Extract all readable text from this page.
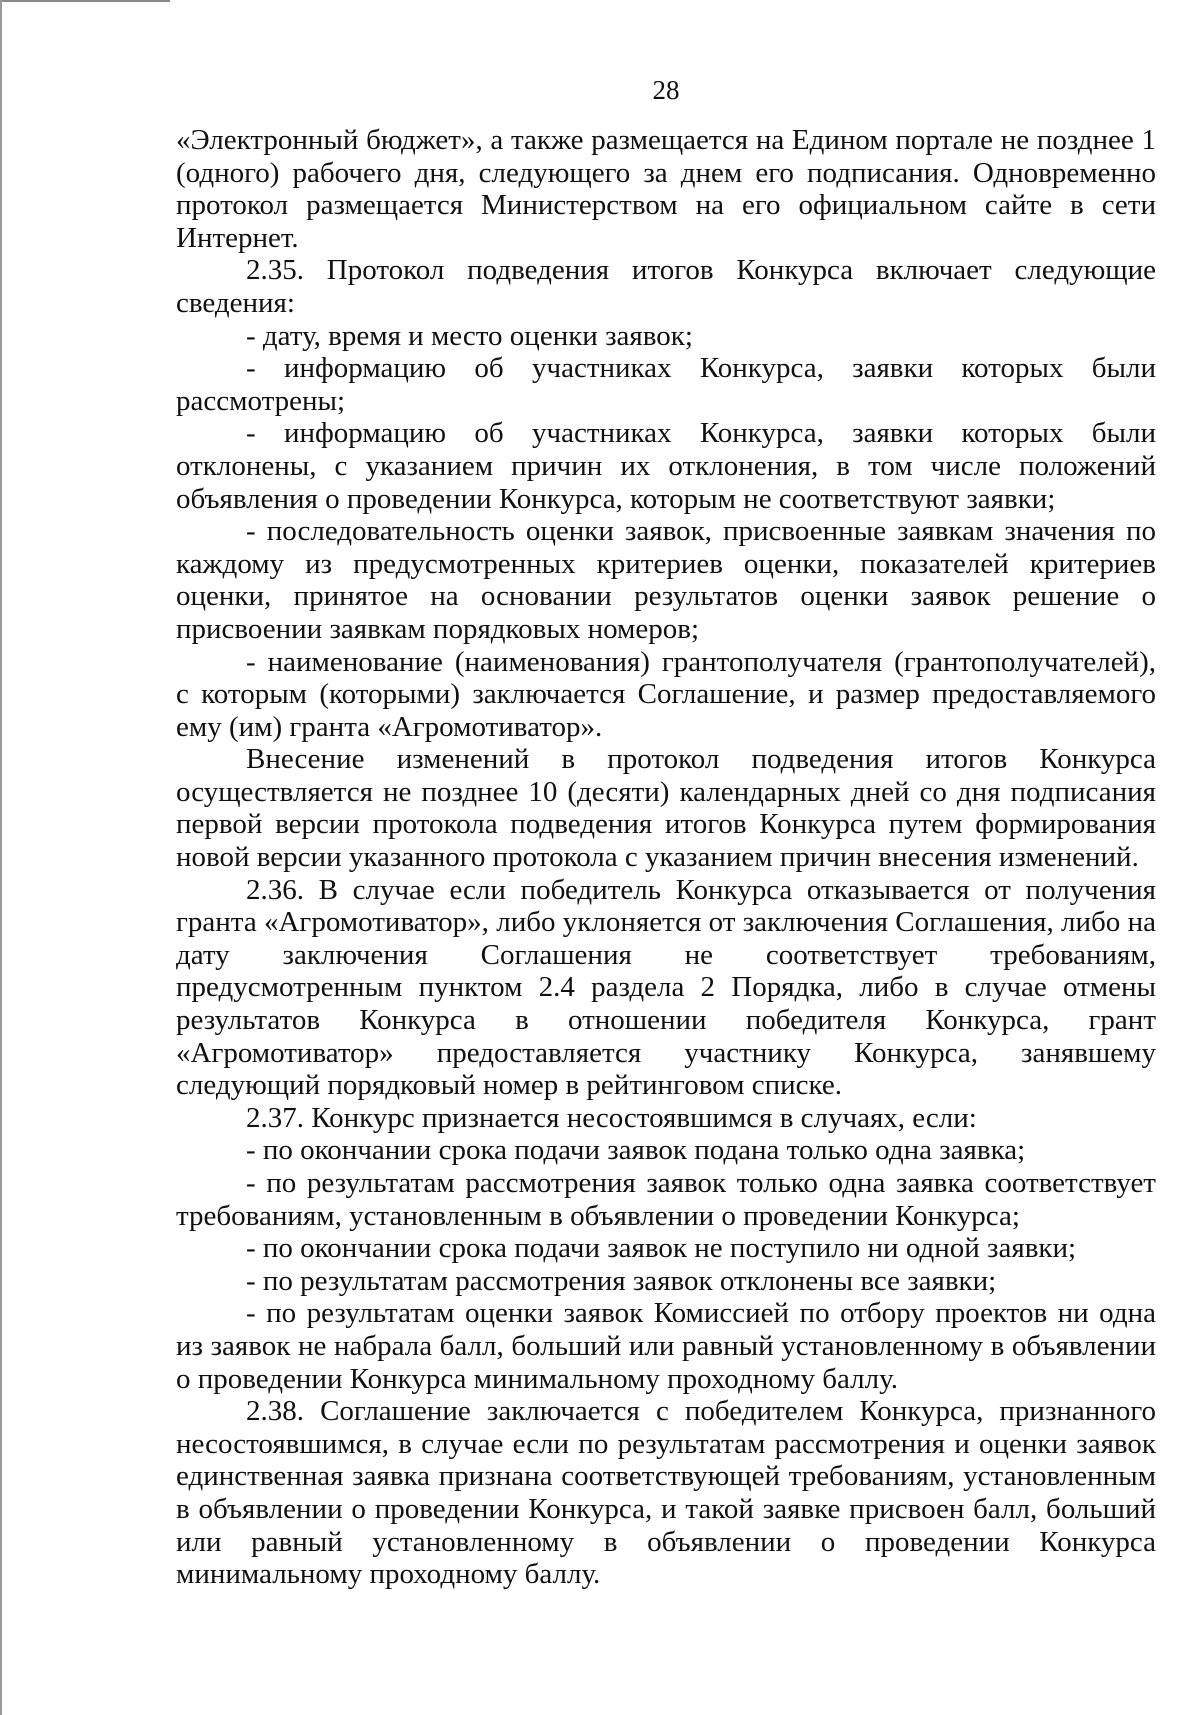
28

«Электронный бюджет», а также размещается на Едином портале не позднее 1 (одного) рабочего дня, следующего за днем его подписания. Одновременно протокол размещается Министерством на его официальном сайте в сети Интернет.

2.35. Протокол подведения итогов Конкурса включает следующие сведения:

- дату, время и место оценки заявок;

- информацию об участниках Конкурса, заявки которых были рассмотрены;

- информацию об участниках Конкурса, заявки которых были отклонены, с указанием причин их отклонения, в том числе положений объявления о проведении Конкурса, которым не соответствуют заявки;

- последовательность оценки заявок, присвоенные заявкам значения по каждому из предусмотренных критериев оценки, показателей критериев оценки, принятое на основании результатов оценки заявок решение о присвоении заявкам порядковых номеров;

- наименование (наименования) грантополучателя (грантополучателей), с которым (которыми) заключается Соглашение, и размер предоставляемого ему (им) гранта «Агромотиватор».

Внесение изменений в протокол подведения итогов Конкурса осуществляется не позднее 10 (десяти) календарных дней со дня подписания первой версии протокола подведения итогов Конкурса путем формирования новой версии указанного протокола с указанием причин внесения изменений.

2.36. В случае если победитель Конкурса отказывается от получения гранта «Агромотиватор», либо уклоняется от заключения Соглашения, либо на дату заключения Соглашения не соответствует требованиям, предусмотренным пунктом 2.4 раздела 2 Порядка, либо в случае отмены результатов Конкурса в отношении победителя Конкурса, грант «Агромотиватор» предоставляется участнику Конкурса, занявшему следующий порядковый номер в рейтинговом списке.

2.37. Конкурс признается несостоявшимся в случаях, если:

- по окончании срока подачи заявок подана только одна заявка;

- по результатам рассмотрения заявок только одна заявка соответствует требованиям, установленным в объявлении о проведении Конкурса;

- по окончании срока подачи заявок не поступило ни одной заявки;

- по результатам рассмотрения заявок отклонены все заявки;

- по результатам оценки заявок Комиссией по отбору проектов ни одна из заявок не набрала балл, больший или равный установленному в объявлении о проведении Конкурса минимальному проходному баллу.

2.38. Соглашение заключается с победителем Конкурса, признанного несостоявшимся, в случае если по результатам рассмотрения и оценки заявок единственная заявка признана соответствующей требованиям, установленным в объявлении о проведении Конкурса, и такой заявке присвоен балл, больший или равный установленному в объявлении о проведении Конкурса минимальному проходному баллу.
